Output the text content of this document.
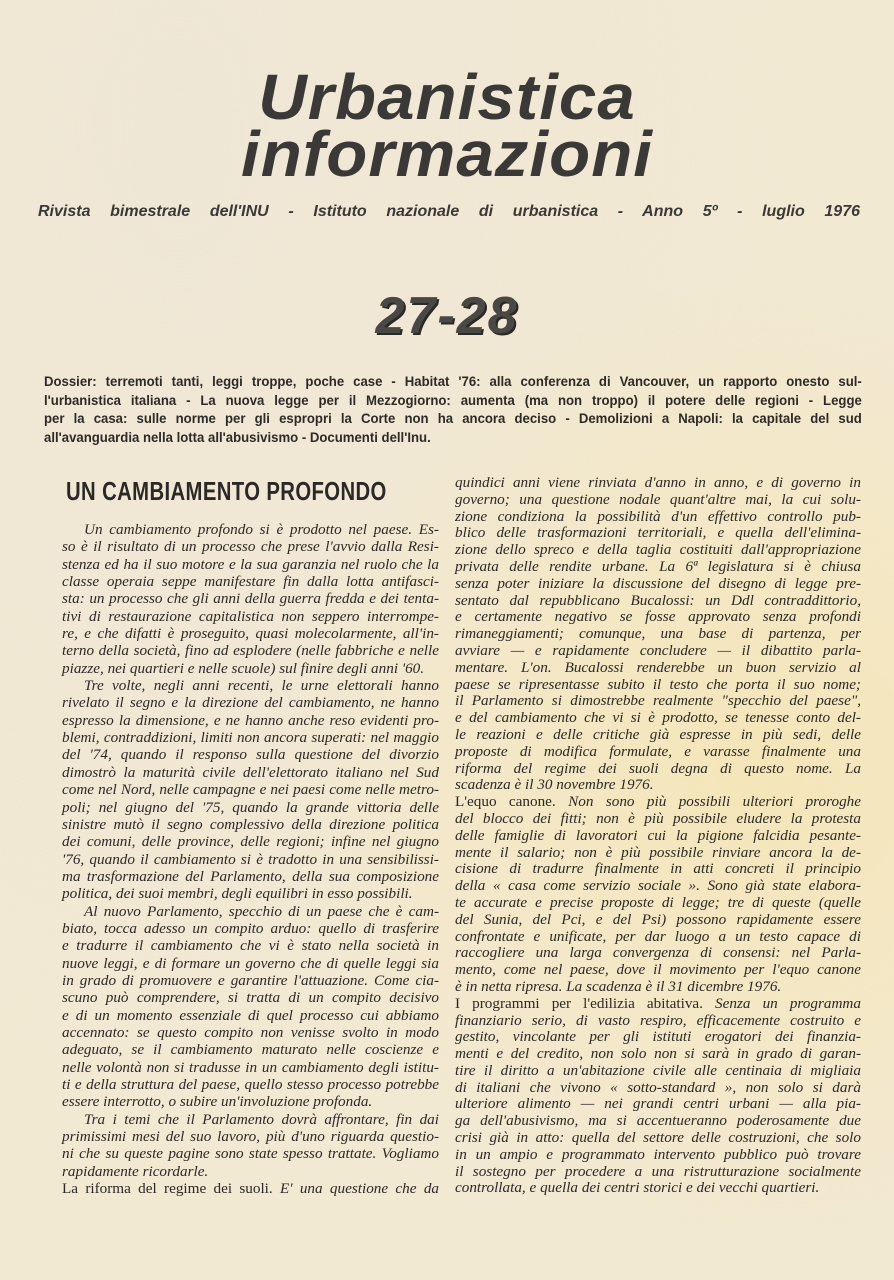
Urbanistica
informazioni
Rivista bimestrale dell'INU - Istituto nazionale di urbanistica - Anno 5º - luglio 1976
27-28
Dossier: terremoti tanti, leggi troppe, poche case - Habitat '76: alla conferenza di Vancouver, un rapporto onesto sul-
l'urbanistica italiana - La nuova legge per il Mezzogiorno: aumenta (ma non troppo) il potere delle regioni - Legge
per la casa: sulle norme per gli espropri la Corte non ha ancora deciso - Demolizioni a Napoli: la capitale del sud
all'avanguardia nella lotta all'abusivismo - Documenti dell'Inu.
UN CAMBIAMENTO PROFONDO
Un cambiamento profondo si è prodotto nel paese. Es-
so è il risultato di un processo che prese l'avvio dalla Resi-
stenza ed ha il suo motore e la sua garanzia nel ruolo che la
classe operaia seppe manifestare fin dalla lotta antifasci-
sta: un processo che gli anni della guerra fredda e dei tenta-
tivi di restaurazione capitalistica non seppero interrompe-
re, e che difatti è proseguito, quasi molecolarmente, all'in-
terno della società, fino ad esplodere (nelle fabbriche e nelle
piazze, nei quartieri e nelle scuole) sul finire degli anni '60.
Tre volte, negli anni recenti, le urne elettorali hanno
rivelato il segno e la direzione del cambiamento, ne hanno
espresso la dimensione, e ne hanno anche reso evidenti pro-
blemi, contraddizioni, limiti non ancora superati: nel maggio
del '74, quando il responso sulla questione del divorzio
dimostrò la maturità civile dell'elettorato italiano nel Sud
come nel Nord, nelle campagne e nei paesi come nelle metro-
poli; nel giugno del '75, quando la grande vittoria delle
sinistre mutò il segno complessivo della direzione politica
dei comuni, delle province, delle regioni; infine nel giugno
'76, quando il cambiamento si è tradotto in una sensibilissi-
ma trasformazione del Parlamento, della sua composizione
politica, dei suoi membri, degli equilibri in esso possibili.
Al nuovo Parlamento, specchio di un paese che è cam-
biato, tocca adesso un compito arduo: quello di trasferire
e tradurre il cambiamento che vi è stato nella società in
nuove leggi, e di formare un governo che di quelle leggi sia
in grado di promuovere e garantire l'attuazione. Come cia-
scuno può comprendere, si tratta di un compito decisivo
e di un momento essenziale di quel processo cui abbiamo
accennato: se questo compito non venisse svolto in modo
adeguato, se il cambiamento maturato nelle coscienze e
nelle volontà non si tradusse in un cambiamento degli istitu-
ti e della struttura del paese, quello stesso processo potrebbe
essere interrotto, o subire un'involuzione profonda.
Tra i temi che il Parlamento dovrà affrontare, fin dai
primissimi mesi del suo lavoro, più d'uno riguarda questio-
ni che su queste pagine sono state spesso trattate. Vogliamo
rapidamente ricordarle.
La riforma del regime dei suoli. E' una questione che da
quindici anni viene rinviata d'anno in anno, e di governo in
governo; una questione nodale quant'altre mai, la cui solu-
zione condiziona la possibilità d'un effettivo controllo pub-
blico delle trasformazioni territoriali, e quella dell'elimina-
zione dello spreco e della taglia costituiti dall'appropriazione
privata delle rendite urbane. La 6ª legislatura si è chiusa
senza poter iniziare la discussione del disegno di legge pre-
sentato dal repubblicano Bucalossi: un Ddl contraddittorio,
e certamente negativo se fosse approvato senza profondi
rimaneggiamenti; comunque, una base di partenza, per
avviare — e rapidamente concludere — il dibattito parla-
mentare. L'on. Bucalossi renderebbe un buon servizio al
paese se ripresentasse subito il testo che porta il suo nome;
il Parlamento si dimostrebbe realmente "specchio del paese",
e del cambiamento che vi si è prodotto, se tenesse conto del-
le reazioni e delle critiche già espresse in più sedi, delle
proposte di modifica formulate, e varasse finalmente una
riforma del regime dei suoli degna di questo nome. La
scadenza è il 30 novembre 1976.
L'equo canone. Non sono più possibili ulteriori proroghe
del blocco dei fitti; non è più possibile eludere la protesta
delle famiglie di lavoratori cui la pigione falcidia pesante-
mente il salario; non è più possibile rinviare ancora la de-
cisione di tradurre finalmente in atti concreti il principio
della « casa come servizio sociale ». Sono già state elabora-
te accurate e precise proposte di legge; tre di queste (quelle
del Sunia, del Pci, e del Psi) possono rapidamente essere
confrontate e unificate, per dar luogo a un testo capace di
raccogliere una larga convergenza di consensi: nel Parla-
mento, come nel paese, dove il movimento per l'equo canone
è in netta ripresa. La scadenza è il 31 dicembre 1976.
I programmi per l'edilizia abitativa. Senza un programma
finanziario serio, di vasto respiro, efficacemente costruito e
gestito, vincolante per gli istituti erogatori dei finanzia-
menti e del credito, non solo non si sarà in grado di garan-
tire il diritto a un'abitazione civile alle centinaia di migliaia
di italiani che vivono « sotto-standard », non solo si darà
ulteriore alimento — nei grandi centri urbani — alla pia-
ga dell'abusivismo, ma si accentueranno poderosamente due
crisi già in atto: quella del settore delle costruzioni, che solo
in un ampio e programmato intervento pubblico può trovare
il sostegno per procedere a una ristrutturazione socialmente
controllata, e quella dei centri storici e dei vecchi quartieri.
